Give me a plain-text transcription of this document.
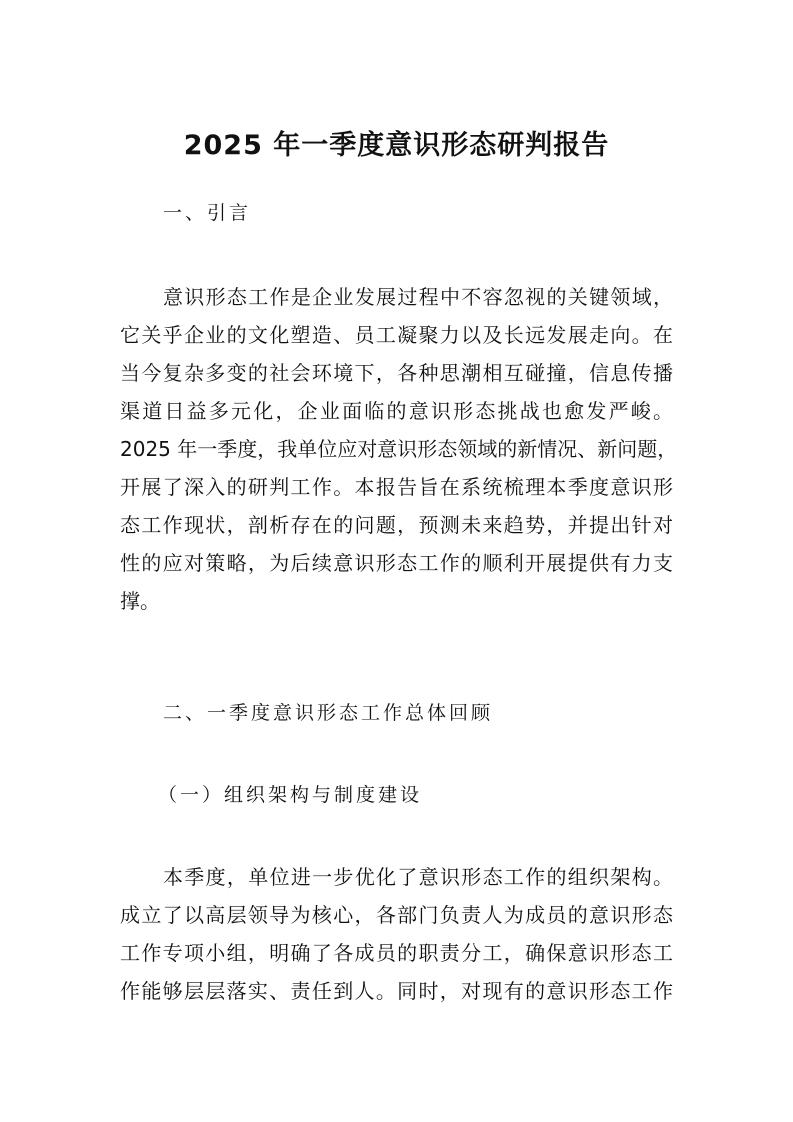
2025 年一季度意识形态研判报告

一、引言

意识形态工作是企业发展过程中不容忽视的关键领域，

它关乎企业的文化塑造、员工凝聚力以及长远发展走向。在

当今复杂多变的社会环境下，各种思潮相互碰撞，信息传播

渠道日益多元化，企业面临的意识形态挑战也愈发严峻。

2025 年一季度，我单位应对意识形态领域的新情况、新问题，

开展了深入的研判工作。本报告旨在系统梳理本季度意识形

态工作现状，剖析存在的问题，预测未来趋势，并提出针对

性的应对策略，为后续意识形态工作的顺利开展提供有力支

撑。

二、一季度意识形态工作总体回顾

（一）组织架构与制度建设

本季度，单位进一步优化了意识形态工作的组织架构。

成立了以高层领导为核心，各部门负责人为成员的意识形态

工作专项小组，明确了各成员的职责分工，确保意识形态工

作能够层层落实、责任到人。同时，对现有的意识形态工作
